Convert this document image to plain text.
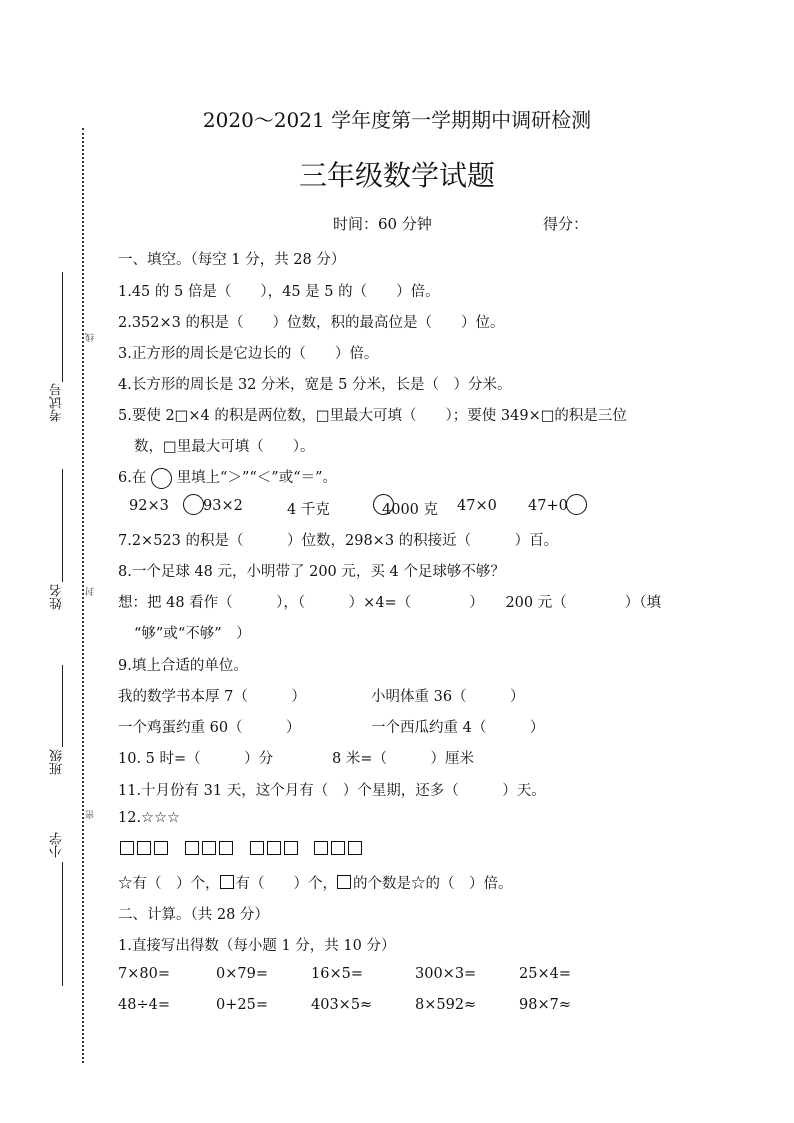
考试号
线
姓名 封
班级
小学
密
2020～2021 学年度第一学期期中调研检测
三年级数学试题
时间：60 分钟	得分：
一、填空。（每空 1 分，共 28 分）
1.45 的 5 倍是（　　），45 是 5 的（　　）倍。
2.352×3 的积是（　　）位数，积的最高位是（　　）位。
3.正方形的周长是它边长的（　　）倍。
4.长方形的周长是 32 分米，宽是 5 分米，长是（　）分米。
5.要使 2□×4 的积是两位数，□里最大可填（　　）；要使 349×□的积是三位
数，□里最大可填（　　）。
6.在 里填上“＞”“＜”或“＝”。
92×3 93×2	4 千克	4000 克 47×0 47+0
7.2×523 的积是（　　　）位数，298×3 的积接近（　　　）百。
8.一个足球 48 元，小明带了 200 元，买 4 个足球够不够？
想：把 48 看作（　　　），（　　　）×4=（　　　　）　　200 元（　　　　）（填
“够”或“不够”　）
9.填上合适的单位。
我的数学书本厚 7（　　　）	小明体重 36（　　　）
一个鸡蛋约重 60（　　　）	一个西瓜约重 4（　　　）
10. 5 时=（　　　）分	8 米=（　　　）厘米
11.十月份有 31 天，这个月有（　）个星期，还多（　　　）天。
12.☆☆☆

☆有（　）个， 有（　　）个， 的个数是☆的（　）倍。
二、计算。（共 28 分）
1.直接写出得数（每小题 1 分，共 10 分）
7×80=	0×79=	16×5=	300×3=	25×4=
48÷4=	0+25=	403×5≈	8×592≈	98×7≈
